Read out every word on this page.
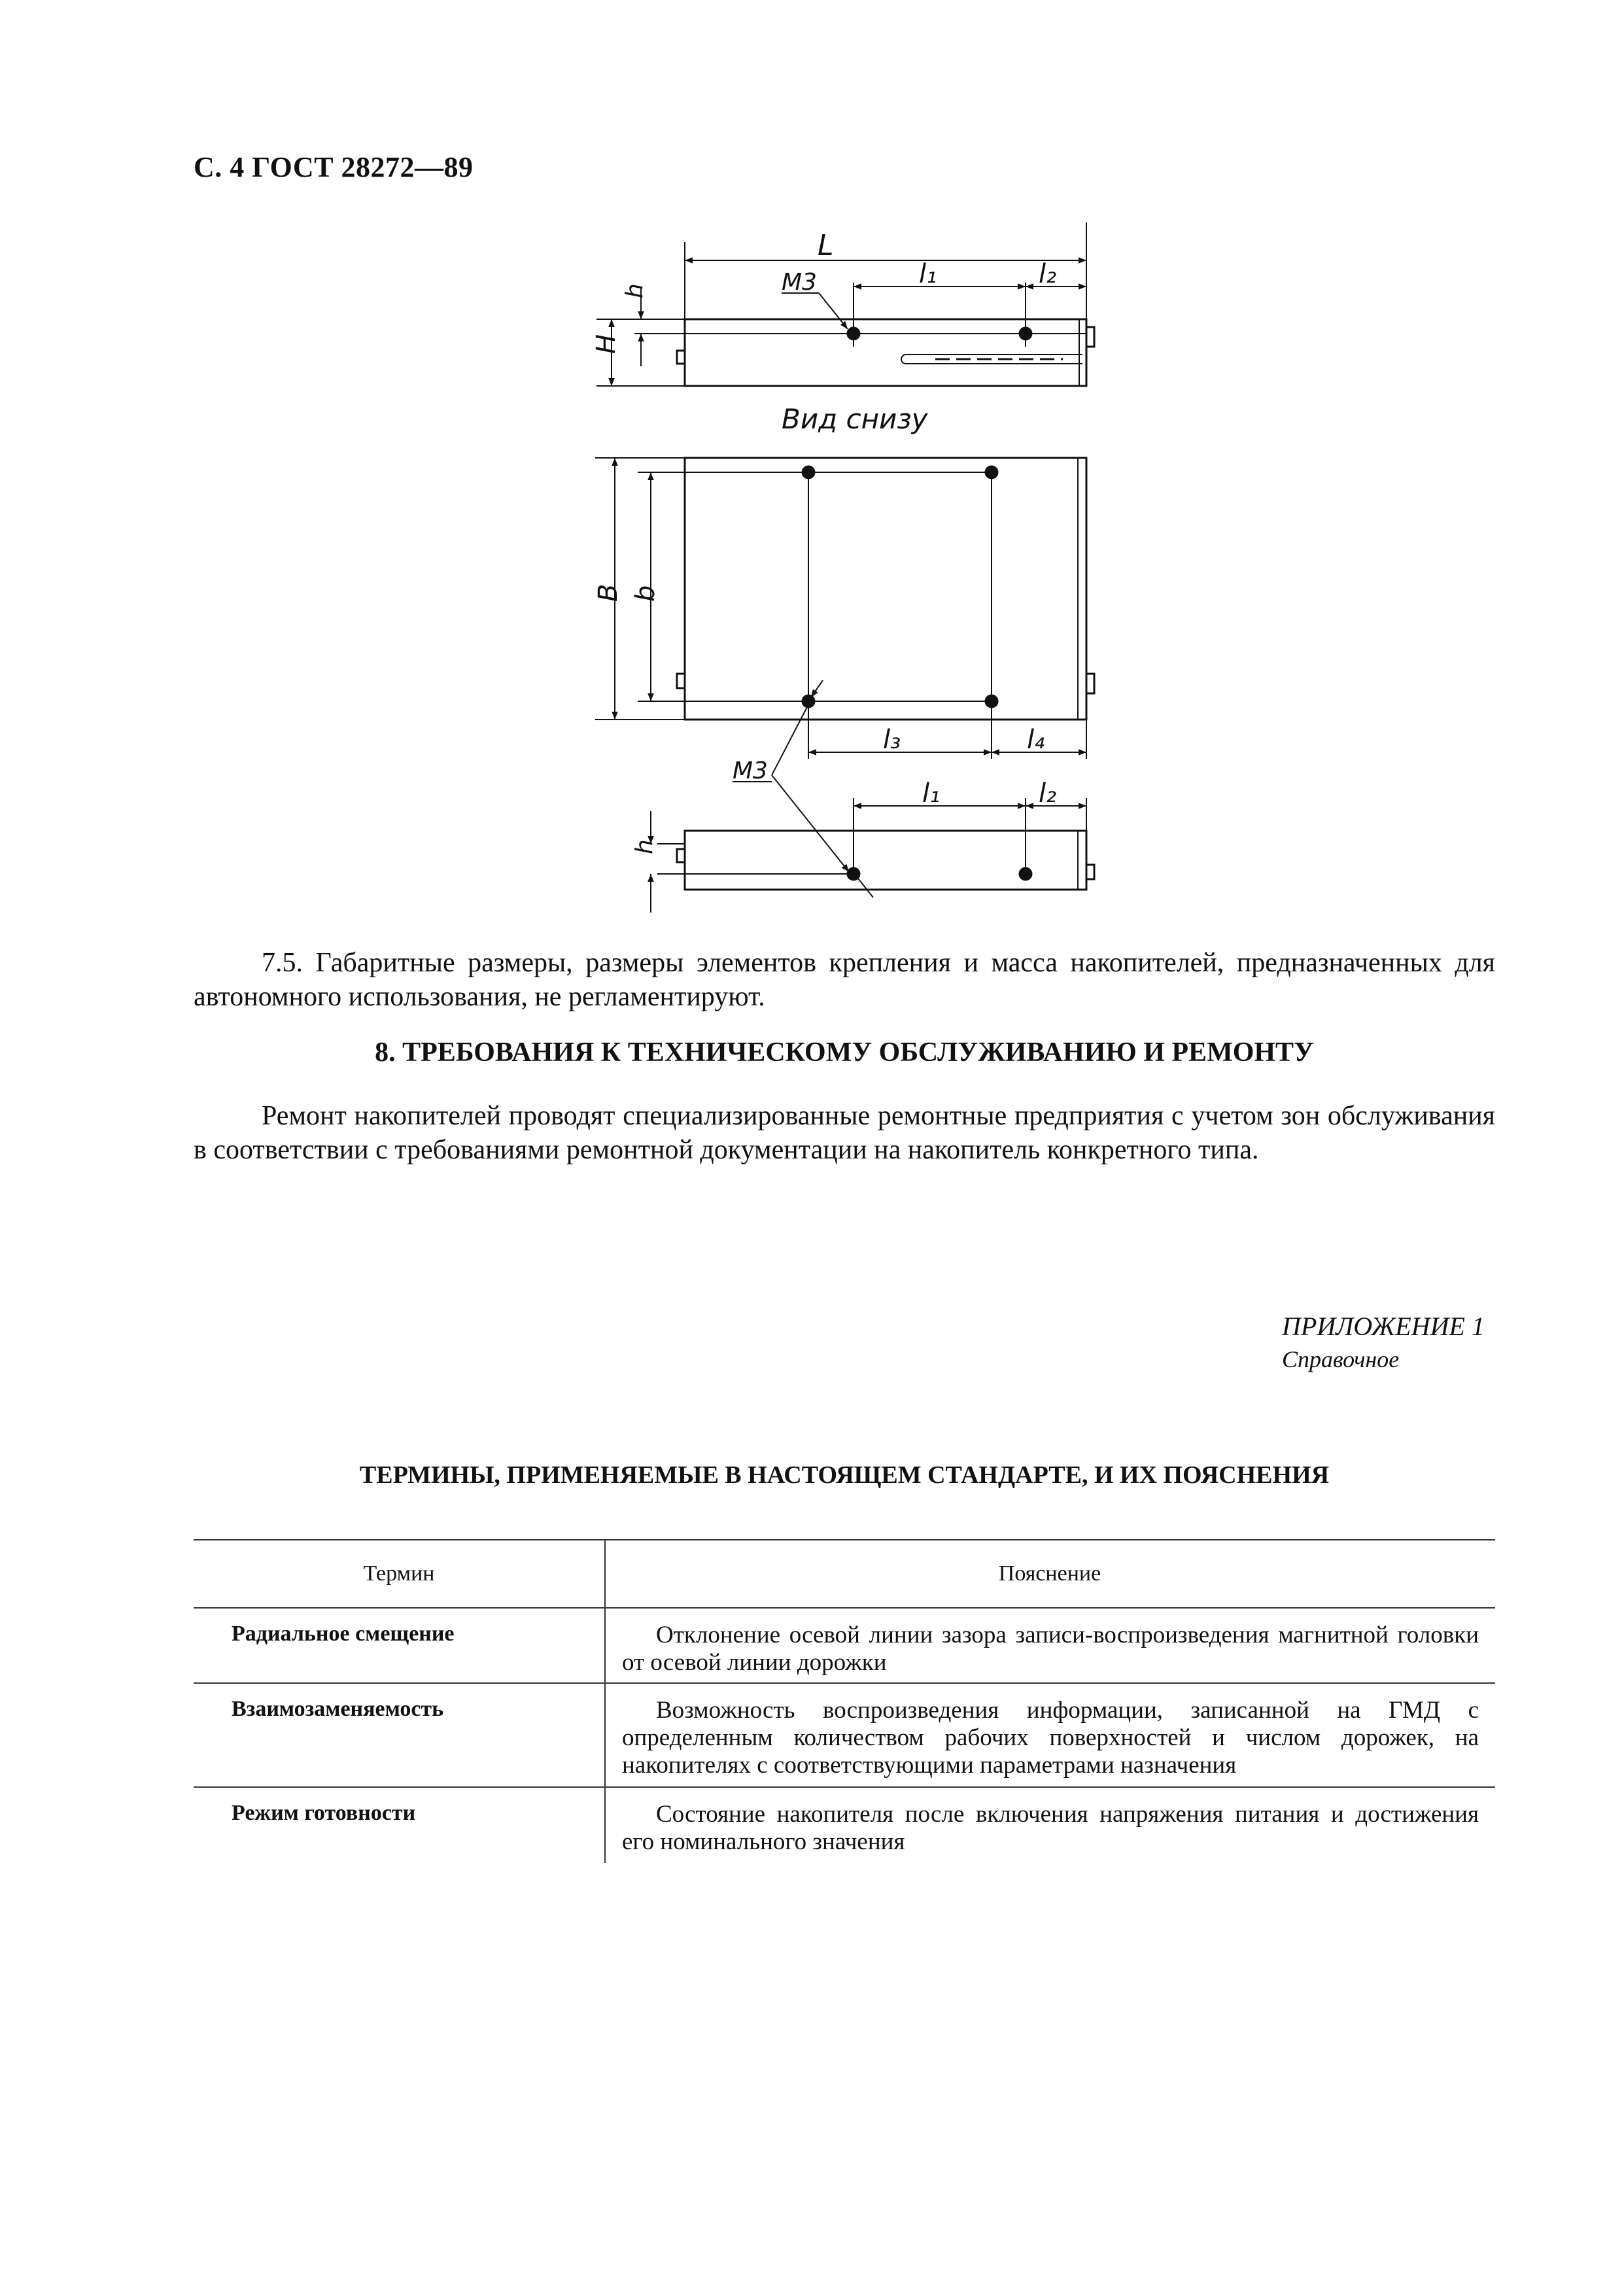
С. 4 ГОСТ 28272—89
L
l₁	l₂
М3
H
h
Вид снизу
B b
l₃	l₄
М3
l₁	l₂
h
7.5. Габаритные размеры, размеры элементов крепления и масса накопителей, предназначенных для автономного использования, не регламентируют.
8. ТРЕБОВАНИЯ К ТЕХНИЧЕСКОМУ ОБСЛУЖИВАНИЮ И РЕМОНТУ
Ремонт накопителей проводят специализированные ремонтные предприятия с учетом зон обслуживания в соответствии с требованиями ремонтной документации на накопитель конкретного типа.
ПРИЛОЖЕНИЕ 1
Справочное
ТЕРМИНЫ, ПРИМЕНЯЕМЫЕ В НАСТОЯЩЕМ СТАНДАРТЕ, И ИХ ПОЯСНЕНИЯ
Термин	Пояснение
Радиальное смещение	Отклонение осевой линии зазора записи-воспроизведения магнитной головки от осевой линии дорожки
Взаимозаменяемость	Возможность воспроизведения информации, записанной на ГМД с определенным количеством рабочих поверхностей и числом дорожек, на накопителях с соответствующими параметрами назначения
Режим готовности	Состояние накопителя после включения напряжения питания и достижения его номинального значения
